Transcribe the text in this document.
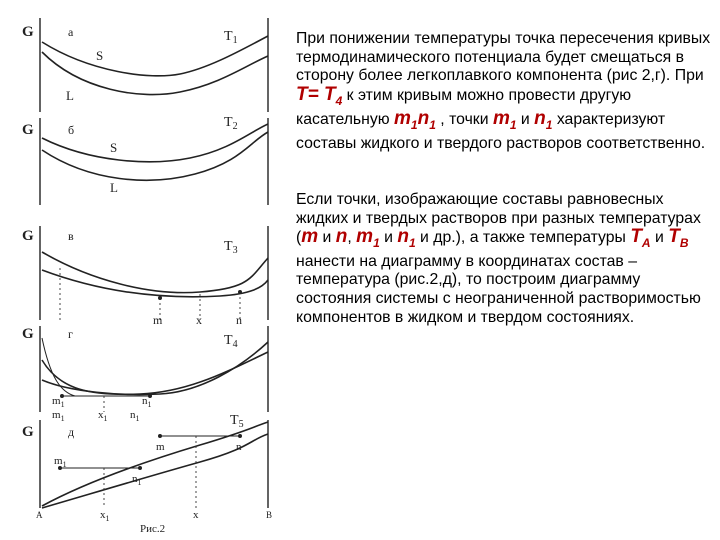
G	а	$T_1$
S
L
G	б	$T_2$
S
L
G	в
$T_3$
m	x	n
G	г	$T_4$
$m_1$	$n_1$
$m_1$	$x_1$ $n_1$
G	д
$T_5$
m	n
$m_1$
$n_1$
A	$x_1$	x	B
Рис.2

При понижении температуры точка пересечения кривых термодинамического потенциала будет смещаться в сторону более легкоплавкого компонента (рис 2,г). При $T= T_4$ к этим кривым можно провести другую касательную $m_1n_1$ , точки $m_1$ и $n_1$ характеризуют составы жидкого и твердого растворов соответственно.

Если точки, изображающие составы равновесных жидких и твердых растворов при разных температурах (m и n, $m_1$ и $n_1$ и др.), а также температуры $T_A$ и $T_B$ нанести на диаграмму в координатах состав – температура (рис.2,д), то построим диаграмму состояния системы с неограниченной растворимостью компонентов в жидком и твердом состояниях.
